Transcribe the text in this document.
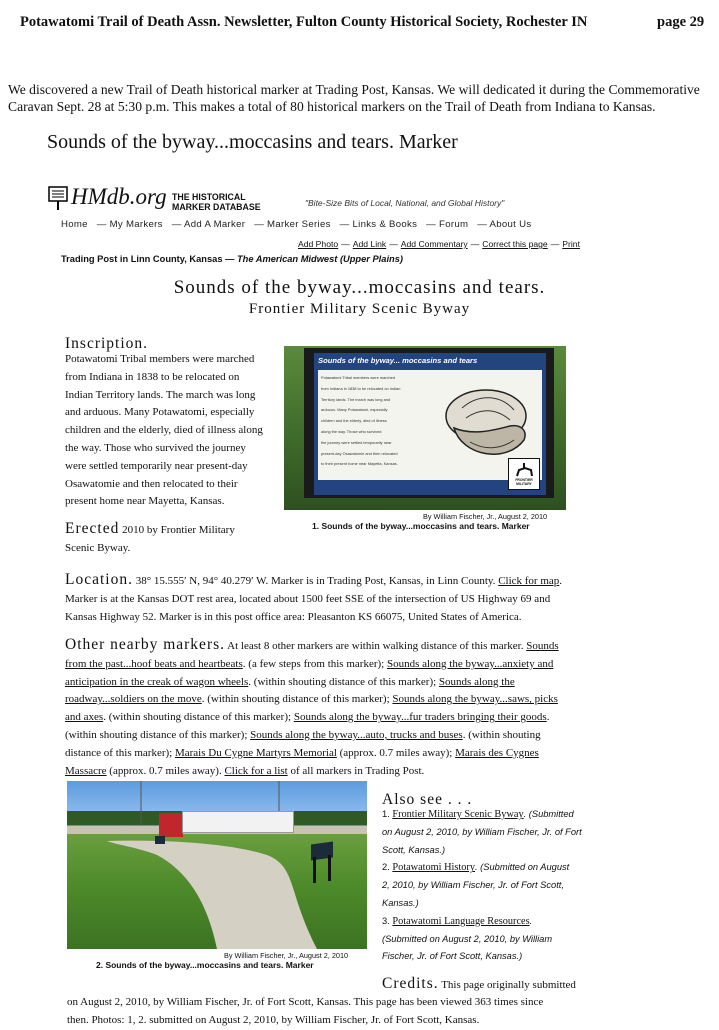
Potawatomi Trail of Death Assn. Newsletter, Fulton County Historical Society, Rochester IN	page 29
We discovered a new Trail of Death historical marker at Trading Post, Kansas. We will dedicated it during the Commemorative Caravan Sept. 28 at 5:30 p.m. This makes a total of 80 historical markers on the Trail of Death from Indiana to Kansas.
Sounds of the byway...moccasins and tears. Marker
HMdb.org THE HISTORICAL
MARKER DATABASE	"Bite-Size Bits of Local, National, and Global History"
Home — My Markers — Add A Marker — Marker Series — Links & Books — Forum — About Us
Add Photo — Add Link — Add Commentary — Correct this page — Print
Trading Post in Linn County, Kansas — The American Midwest (Upper Plains)
Sounds of the byway...moccasins and tears.
Frontier Military Scenic Byway
Inscription.
Potawatomi Tribal members were marched
from Indiana in 1838 to be relocated on
Indian Territory lands. The march was long
and arduous. Many Potawatomi, especially
children and the elderly, died of illness along
the way. Those who survived the journey
were settled temporarily near present-day
Osawatomie and then relocated to their
present home near Mayetta, Kansas.
Sounds of the byway... moccasins and tears
Potawatomi Tribal members were marched
from Indiana in 1838 to be relocated on Indian
Territory lands. The march was long and
arduous. Many Potawatomi, especially
children and the elderly, died of illness
along the way. Those who survived
the journey were settled temporarily near
present-day Osawatomie and then relocated
to their present home near Mayetta, Kansas.
FRONTIER MILITARY
By William Fischer, Jr., August 2, 2010
1. Sounds of the byway...moccasins and tears. Marker
Erected 2010 by Frontier Military
Scenic Byway.
Location. 38° 15.555′ N, 94° 40.279′ W. Marker is in Trading Post, Kansas, in Linn County. Click for map.
Marker is at the Kansas DOT rest area, located about 1500 feet SSE of the intersection of US Highway 69 and
Kansas Highway 52. Marker is in this post office area: Pleasanton KS 66075, United States of America.
Other nearby markers. At least 8 other markers are within walking distance of this marker. Sounds
from the past...hoof beats and heartbeats. (a few steps from this marker); Sounds along the byway...anxiety and
anticipation in the creak of wagon wheels. (within shouting distance of this marker); Sounds along the
roadway...soldiers on the move. (within shouting distance of this marker); Sounds along the byway...saws, picks
and axes. (within shouting distance of this marker); Sounds along the byway...fur traders bringing their goods.
(within shouting distance of this marker); Sounds along the byway...auto, trucks and buses. (within shouting
distance of this marker); Marais Du Cygne Martyrs Memorial (approx. 0.7 miles away); Marais des Cygnes
Massacre (approx. 0.7 miles away). Click for a list of all markers in Trading Post.
By William Fischer, Jr., August 2, 2010
2. Sounds of the byway...moccasins and tears. Marker
Also see . . .
1. Frontier Military Scenic Byway. (Submitted
on August 2, 2010, by William Fischer, Jr. of Fort
Scott, Kansas.)
2. Potawatomi History. (Submitted on August
2, 2010, by William Fischer, Jr. of Fort Scott,
Kansas.)
3. Potawatomi Language Resources.
(Submitted on August 2, 2010, by William
Fischer, Jr. of Fort Scott, Kansas.)
Credits. This page originally submitted
on August 2, 2010, by William Fischer, Jr. of Fort Scott, Kansas. This page has been viewed 363 times since
then. Photos: 1, 2. submitted on August 2, 2010, by William Fischer, Jr. of Fort Scott, Kansas.
